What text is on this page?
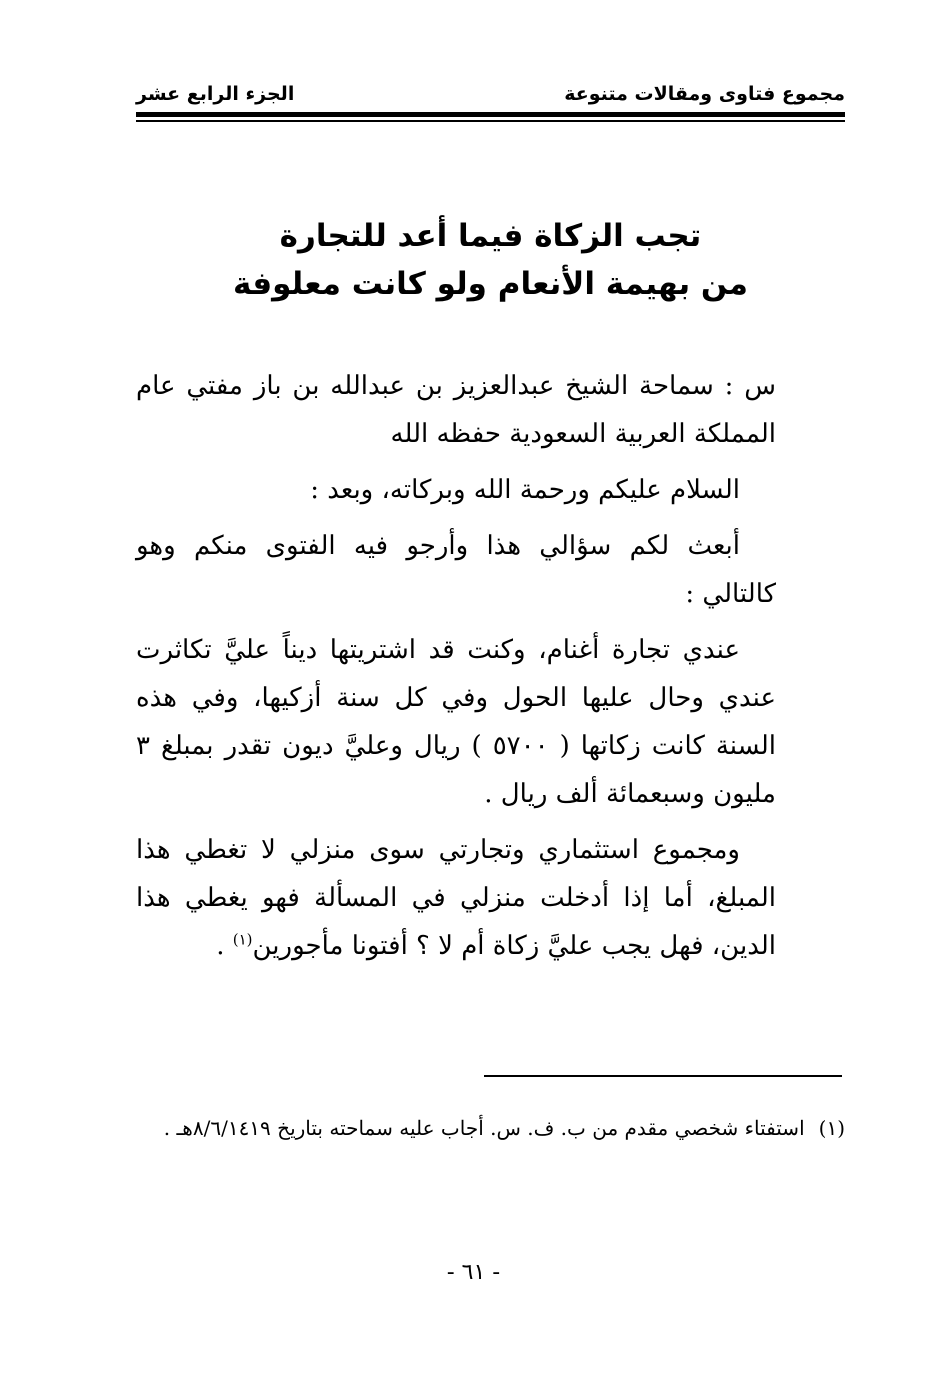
مجموع فتاوى ومقالات متنوعة
الجزء الرابع عشر
تجب الزكاة فيما أعد للتجارة
من بهيمة الأنعام ولو كانت معلوفة

س : سماحة الشيخ عبدالعزيز بن عبدالله بن باز مفتي عام المملكة العربية السعودية حفظه الله

السلام عليكم ورحمة الله وبركاته، وبعد :

أبعث لكم سؤالي هذا وأرجو فيه الفتوى منكم وهو كالتالي :

عندي تجارة أغنام، وكنت قد اشتريتها ديناً عليَّ تكاثرت عندي وحال عليها الحول وفي كل سنة أزكيها، وفي هذه السنة كانت زكاتها ( ٥٧٠٠ ) ريال وعليَّ ديون تقدر بمبلغ ٣ مليون وسبعمائة ألف ريال .

ومجموع استثماري وتجارتي سوى منزلي لا تغطي هذا المبلغ، أما إذا أدخلت منزلي في المسألة فهو يغطي هذا الدين، فهل يجب عليَّ زكاة أم لا ؟ أفتونا مأجورين$^{(١)}$ .

(١)استفتاء شخصي مقدم من ب. ف. س. أجاب عليه سماحته بتاريخ ٨/٦/١٤١٩هـ .
- ٦١ -
